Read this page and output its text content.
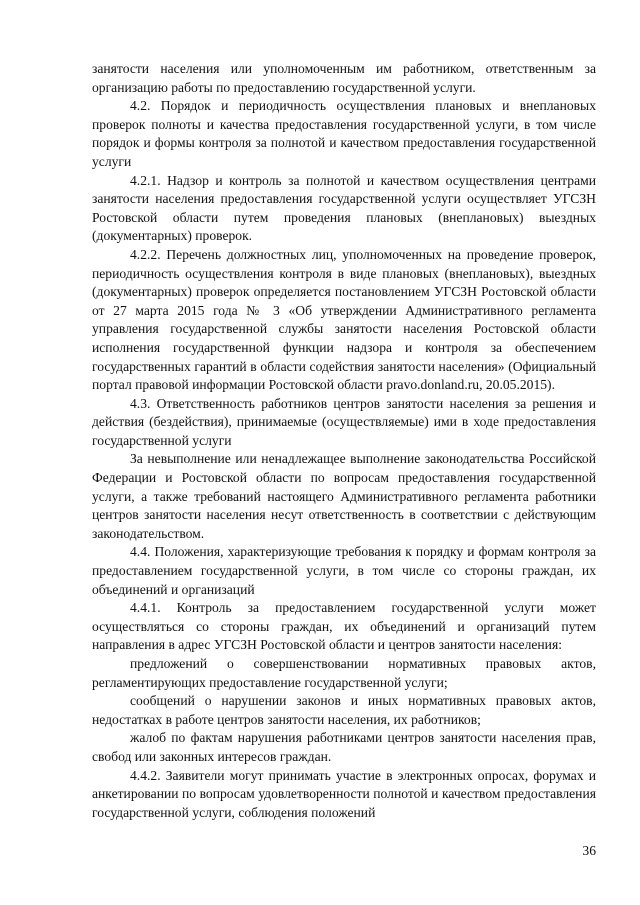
занятости населения или уполномоченным им работником, ответственным за организацию работы по предоставлению государственной услуги.

4.2. Порядок и периодичность осуществления плановых и внеплановых проверок полноты и качества предоставления государственной услуги, в том числе порядок и формы контроля за полнотой и качеством предоставления государственной услуги

4.2.1. Надзор и контроль за полнотой и качеством осуществления центрами занятости населения предоставления государственной услуги осуществляет УГСЗН Ростовской области путем проведения плановых (внеплановых) выездных (документарных) проверок.

4.2.2. Перечень должностных лиц, уполномоченных на проведение проверок, периодичность осуществления контроля в виде плановых (внеплановых), выездных (документарных) проверок определяется постановлением УГСЗН Ростовской области от 27 марта 2015 года № 3 «Об утверждении Административного регламента управления государственной службы занятости населения Ростовской области исполнения государственной функции надзора и контроля за обеспечением государственных гарантий в области содействия занятости населения» (Официальный портал правовой информации Ростовской области pravo.donland.ru, 20.05.2015).

4.3. Ответственность работников центров занятости населения за решения и действия (бездействия), принимаемые (осуществляемые) ими в ходе предоставления государственной услуги

За невыполнение или ненадлежащее выполнение законодательства Российской Федерации и Ростовской области по вопросам предоставления государственной услуги, а также требований настоящего Административного регламента работники центров занятости населения несут ответственность в соответствии с действующим законодательством.

4.4. Положения, характеризующие требования к порядку и формам контроля за предоставлением государственной услуги, в том числе со стороны граждан, их объединений и организаций

4.4.1. Контроль за предоставлением государственной услуги может осуществляться со стороны граждан, их объединений и организаций путем направления в адрес УГСЗН Ростовской области и центров занятости населения:

предложений о совершенствовании нормативных правовых актов, регламентирующих предоставление государственной услуги;

сообщений о нарушении законов и иных нормативных правовых актов, недостатках в работе центров занятости населения, их работников;

жалоб по фактам нарушения работниками центров занятости населения прав, свобод или законных интересов граждан.

4.4.2. Заявители могут принимать участие в электронных опросах, форумах и анкетировании по вопросам удовлетворенности полнотой и качеством предоставления государственной услуги, соблюдения положений

36
